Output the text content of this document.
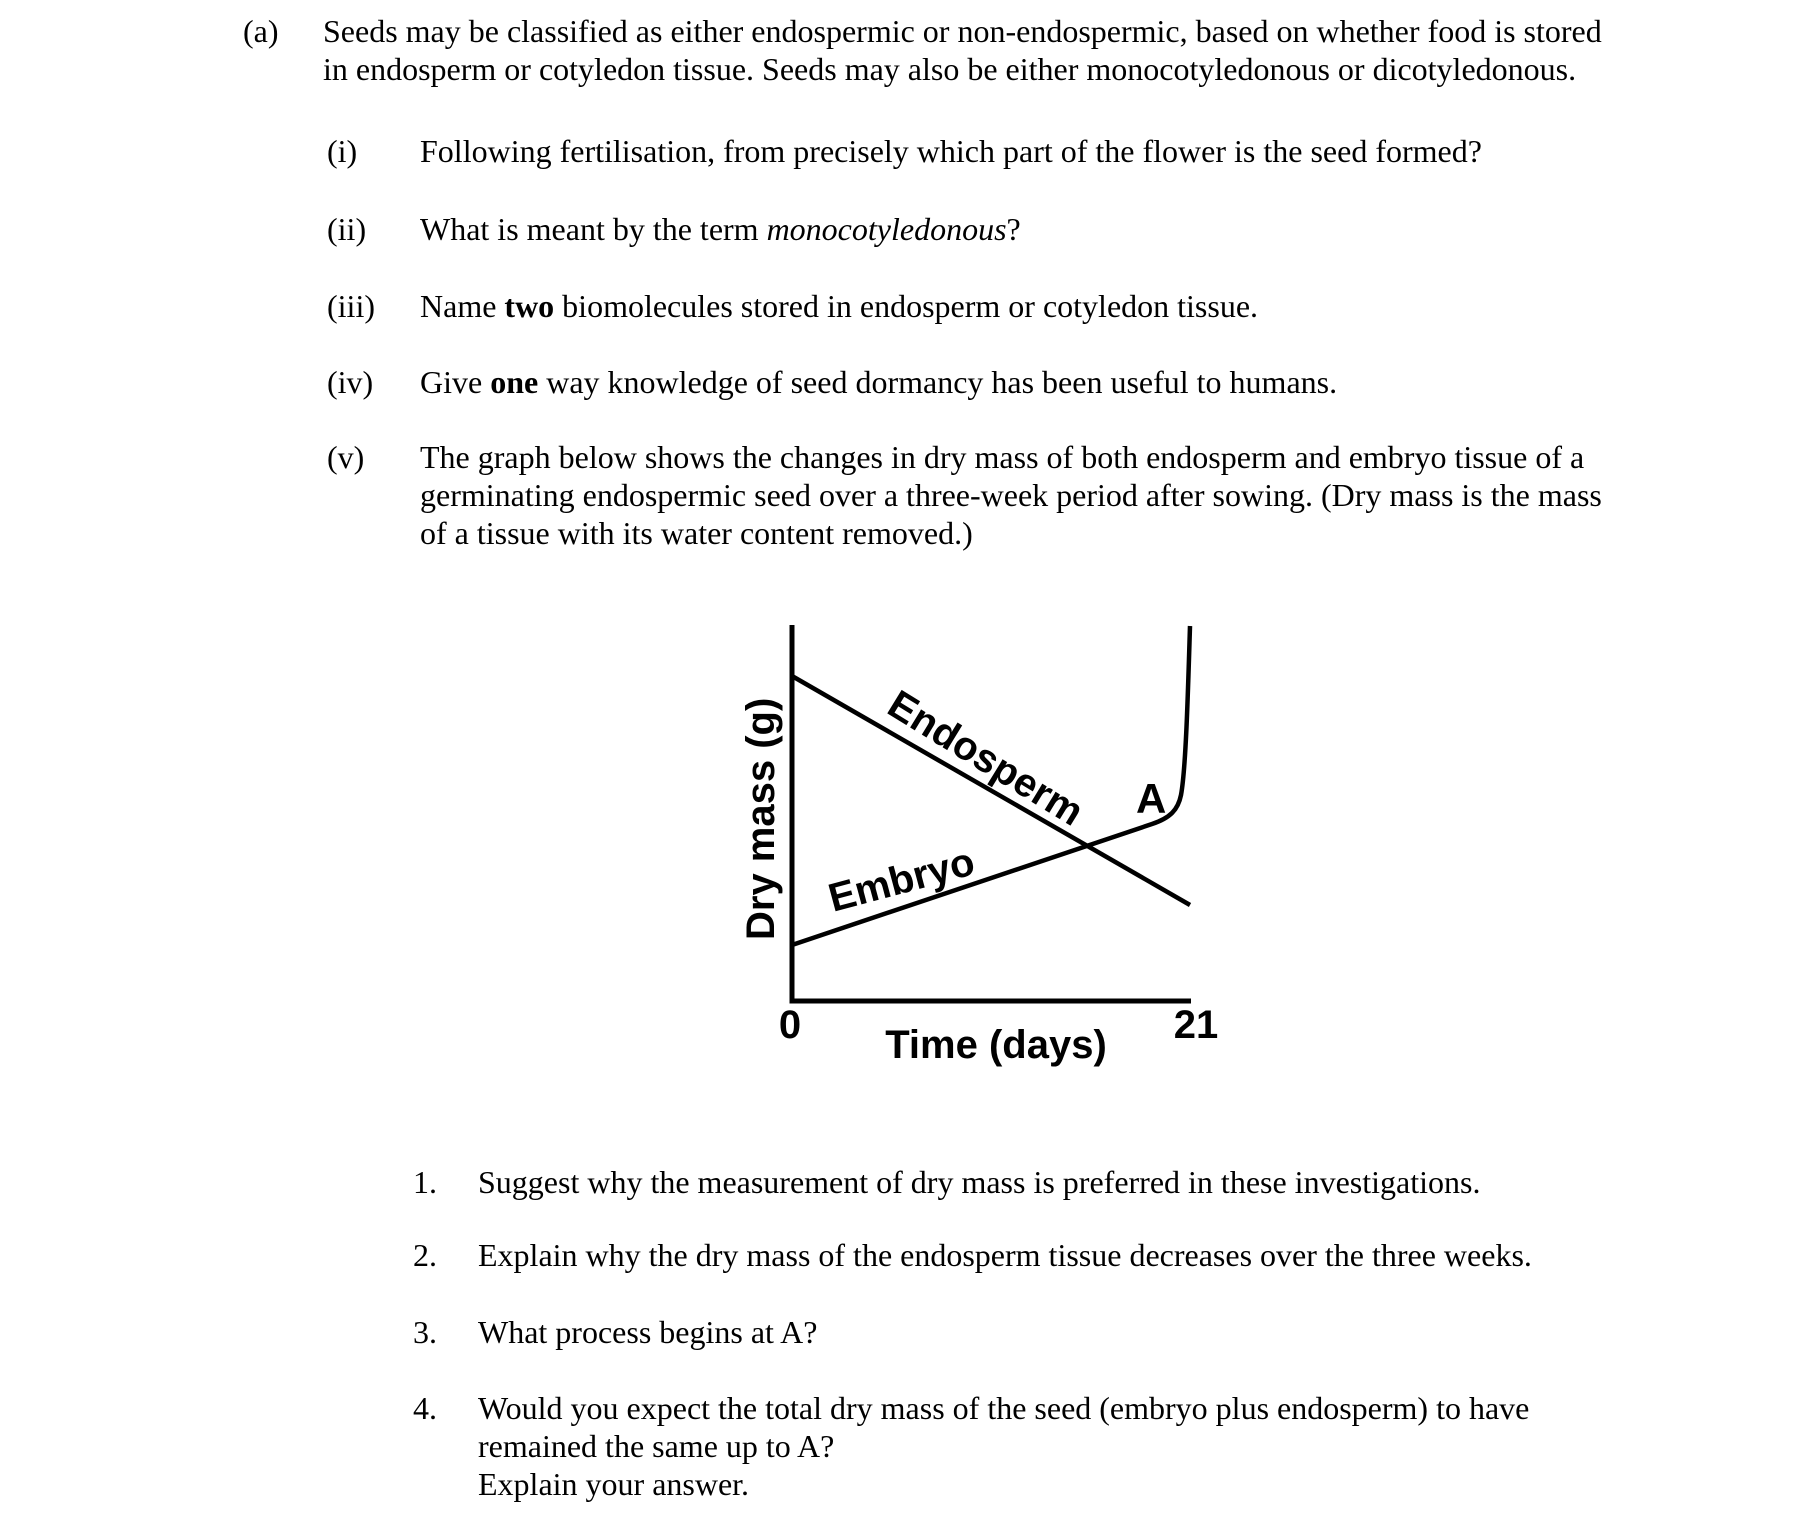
Endosperm
Embryo
A
Dry mass (g)
Time (days)
0	21
(a) Seeds may be classified as either endospermic or non-endospermic, based on whether food is stored
in endosperm or cotyledon tissue. Seeds may also be either monocotyledonous or dicotyledonous.
(i) Following fertilisation, from precisely which part of the flower is the seed formed?
(ii) What is meant by the term monocotyledonous?
(iii) Name two biomolecules stored in endosperm or cotyledon tissue.
(iv) Give one way knowledge of seed dormancy has been useful to humans.
(v) The graph below shows the changes in dry mass of both endosperm and embryo tissue of a
germinating endospermic seed over a three-week period after sowing. (Dry mass is the mass
of a tissue with its water content removed.)
1. Suggest why the measurement of dry mass is preferred in these investigations.
2. Explain why the dry mass of the endosperm tissue decreases over the three weeks.
3. What process begins at A?
4. Would you expect the total dry mass of the seed (embryo plus endosperm) to have
remained the same up to A?
Explain your answer.
